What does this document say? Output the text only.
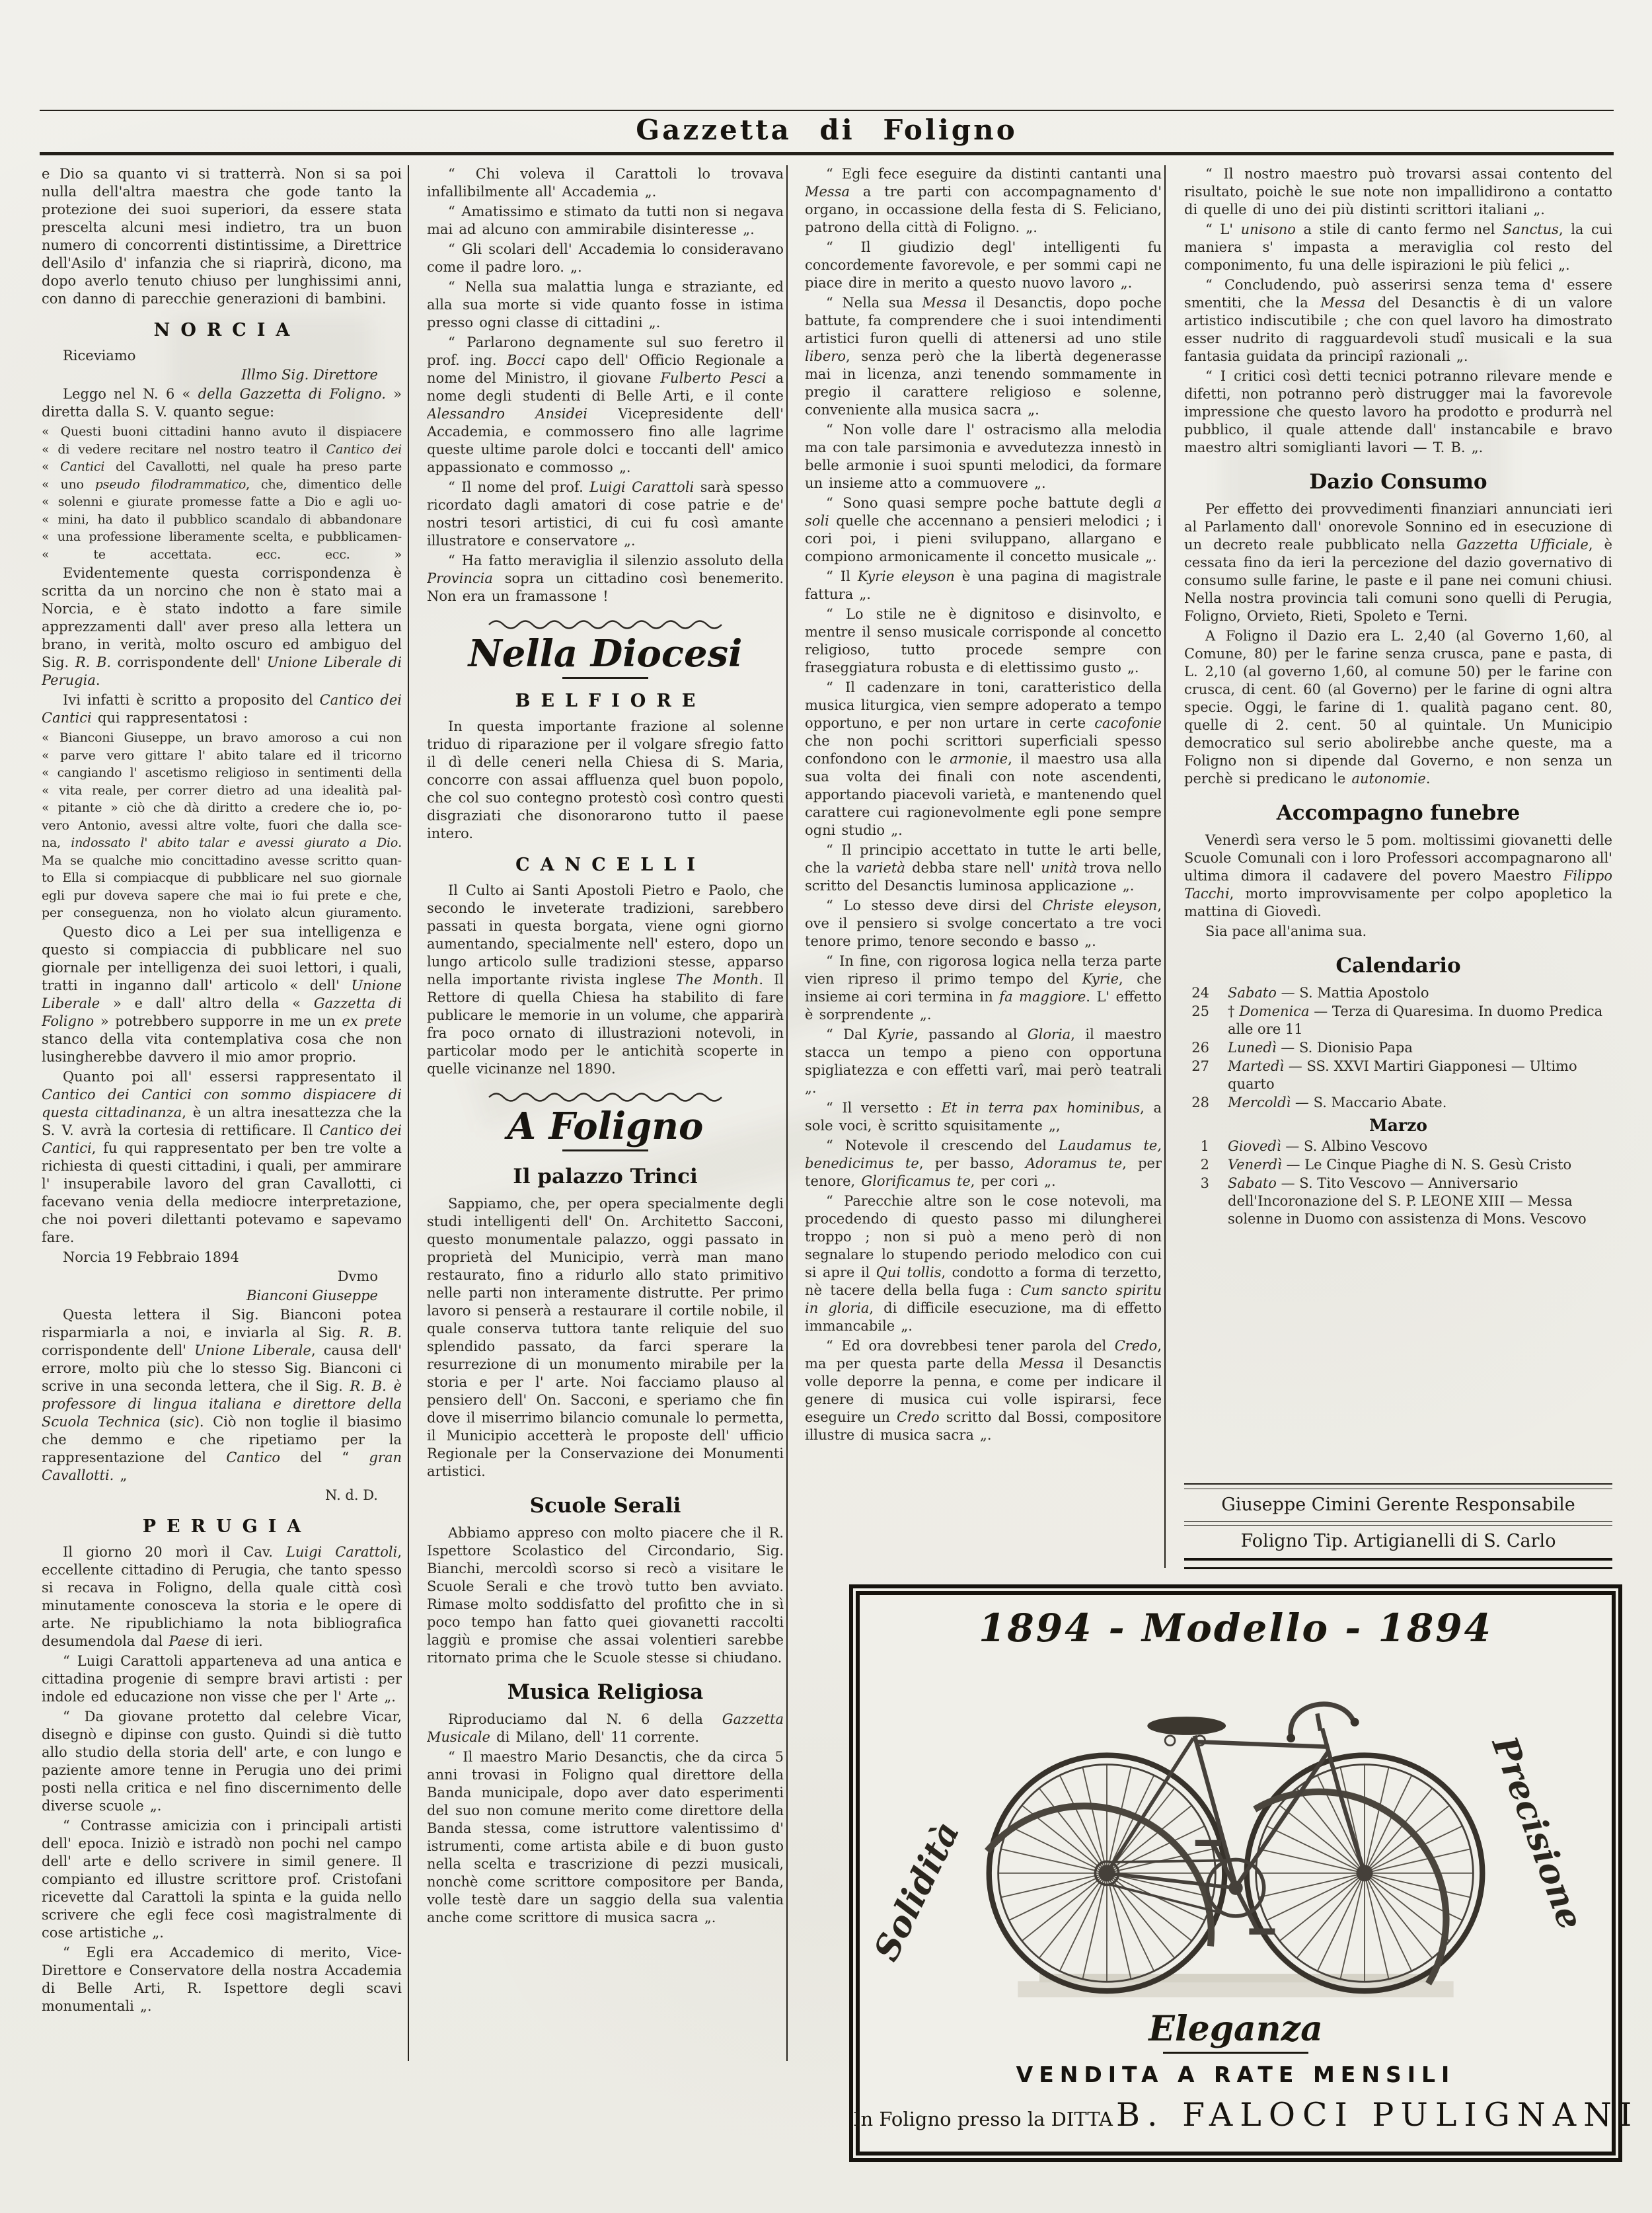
Gazzetta di Foligno
e Dio sa quanto vi si tratterrà. Non si sa poi nulla dell'altra maestra che gode tanto la protezione dei suoi superiori, da essere stata prescelta alcuni mesi indietro, tra un buon numero di concorrenti distintissime, a Direttrice dell'Asilo d' infanzia che si riaprirà, dicono, ma dopo averlo tenuto chiuso per lunghissimi anni, con danno di parecchie generazioni di bambini.
NORCIA
Riceviamo
Illmo Sig. Direttore
Leggo nel N. 6 « della Gazzetta di Foligno. » diretta dalla S. V. quanto segue:
« Questi buoni cittadini hanno avuto il dispiacere
« di vedere recitare nel nostro teatro il Cantico dei
« Cantici del Cavallotti, nel quale ha preso parte
« uno pseudo filodrammatico, che, dimentico delle
« solenni e giurate promesse fatte a Dio e agli uo-
« mini, ha dato il pubblico scandalo di abbandonare
« una professione liberamente scelta, e pubblicamen-
« te accettata. ecc. ecc. »
Evidentemente questa corrispondenza è scritta da un norcino che non è stato mai a Norcia, e è stato indotto a fare simile apprezzamenti dall' aver preso alla lettera un brano, in verità, molto oscuro ed ambiguo del Sig. R. B. corrispondente dell' Unione Liberale di Perugia.
Ivi infatti è scritto a proposito del Cantico dei Cantici qui rappresentatosi :
« Bianconi Giuseppe, un bravo amoroso a cui non
« parve vero gittare l' abito talare ed il tricorno
« cangiando l' ascetismo religioso in sentimenti della
« vita reale, per correr dietro ad una idealità pal-
« pitante » ciò che dà diritto a credere che io, po-
vero Antonio, avessi altre volte, fuori che dalla sce-
na, indossato l' abito talar e avessi giurato a Dio.
Ma se qualche mio concittadino avesse scritto quan-
to Ella si compiacque di pubblicare nel suo giornale
egli pur doveva sapere che mai io fui prete e che,
per conseguenza, non ho violato alcun giuramento.
Questo dico a Lei per sua intelligenza e questo si compiaccia di pubblicare nel suo giornale per intelligenza dei suoi lettori, i quali, tratti in inganno dall' articolo « dell' Unione Liberale » e dall' altro della « Gazzetta di Foligno » potrebbero supporre in me un ex prete stanco della vita contemplativa cosa che non lusingherebbe davvero il mio amor proprio.
Quanto poi all' essersi rappresentato il Cantico dei Cantici con sommo dispiacere di questa cittadinanza, è un altra inesattezza che la S. V. avrà la cortesia di rettificare. Il Cantico dei Cantici, fu qui rappresentato per ben tre volte a richiesta di questi cittadini, i quali, per ammirare l' insuperabile lavoro del gran Cavallotti, ci facevano venia della mediocre interpretazione, che noi poveri dilettanti potevamo e sapevamo fare.
Norcia 19 Febbraio 1894
Dvmo
Bianconi Giuseppe
Questa lettera il Sig. Bianconi potea risparmiarla a noi, e inviarla al Sig. R. B. corrispondente dell' Unione Liberale, causa dell' errore, molto più che lo stesso Sig. Bianconi ci scrive in una seconda lettera, che il Sig. R. B. è professore di lingua italiana e direttore della Scuola Technica (sic). Ciò non toglie il biasimo che demmo e che ripetiamo per la rappresentazione del Cantico del “ gran Cavallotti. „
N. d. D.
PERUGIA
Il giorno 20 morì il Cav. Luigi Carattoli, eccellente cittadino di Perugia, che tanto spesso si recava in Foligno, della quale città così minutamente conosceva la storia e le opere di arte. Ne ripublichiamo la nota bibliografica desumendola dal Paese di ieri.
“ Luigi Carattoli apparteneva ad una antica e cittadina progenie di sempre bravi artisti : per indole ed educazione non visse che per l' Arte „.
“ Da giovane protetto dal celebre Vicar, disegnò e dipinse con gusto. Quindi si diè tutto allo studio della storia dell' arte, e con lungo e paziente amore tenne in Perugia uno dei primi posti nella critica e nel fino discernimento delle diverse scuole „.
“ Contrasse amicizia con i principali artisti dell' epoca. Iniziò e istradò non pochi nel campo dell' arte e dello scrivere in simil genere. Il compianto ed illustre scrittore prof. Cristofani ricevette dal Carattoli la spinta e la guida nello scrivere che egli fece così magistralmente di cose artistiche „.
“ Egli era Accademico di merito, Vice-Direttore e Conservatore della nostra Accademia di Belle Arti, R. Ispettore degli scavi monumentali „.
“ Chi voleva il Carattoli lo trovava infallibilmente all' Accademia „.
“ Amatissimo e stimato da tutti non si negava mai ad alcuno con ammirabile disinteresse „.
“ Gli scolari dell' Accademia lo consideravano come il padre loro. „.
“ Nella sua malattia lunga e straziante, ed alla sua morte si vide quanto fosse in istima presso ogni classe di cittadini „.
“ Parlarono degnamente sul suo feretro il prof. ing. Bocci capo dell' Officio Regionale a nome del Ministro, il giovane Fulberto Pesci a nome degli studenti di Belle Arti, e il conte Alessandro Ansidei Vicepresidente dell' Accademia, e commossero fino alle lagrime queste ultime parole dolci e toccanti dell' amico appassionato e commosso „.
“ Il nome del prof. Luigi Carattoli sarà spesso ricordato dagli amatori di cose patrie e de' nostri tesori artistici, di cui fu così amante illustratore e conservatore „.
“ Ha fatto meraviglia il silenzio assoluto della Provincia sopra un cittadino così benemerito. Non era un framassone !
Nella Diocesi
BELFIORE
In questa importante frazione al solenne triduo di riparazione per il volgare sfregio fatto il dì delle ceneri nella Chiesa di S. Maria, concorre con assai affluenza quel buon popolo, che col suo contegno protestò così contro questi disgraziati che disonorarono tutto il paese intero.
CANCELLI
Il Culto ai Santi Apostoli Pietro e Paolo, che secondo le inveterate tradizioni, sarebbero passati in questa borgata, viene ogni giorno aumentando, specialmente nell' estero, dopo un lungo articolo sulle tradizioni stesse, apparso nella importante rivista inglese The Month. Il Rettore di quella Chiesa ha stabilito di fare publicare le memorie in un volume, che apparirà fra poco ornato di illustrazioni notevoli, in particolar modo per le antichità scoperte in quelle vicinanze nel 1890.
A Foligno
Il palazzo Trinci
Sappiamo, che, per opera specialmente degli studi intelligenti dell' On. Architetto Sacconi, questo monumentale palazzo, oggi passato in proprietà del Municipio, verrà man mano restaurato, fino a ridurlo allo stato primitivo nelle parti non interamente distrutte. Per primo lavoro si penserà a restaurare il cortile nobile, il quale conserva tuttora tante reliquie del suo splendido passato, da farci sperare la resurrezione di un monumento mirabile per la storia e per l' arte. Noi facciamo plauso al pensiero dell' On. Sacconi, e speriamo che fin dove il miserrimo bilancio comunale lo permetta, il Municipio accetterà le proposte dell' ufficio Regionale per la Conservazione dei Monumenti artistici.
Scuole Serali
Abbiamo appreso con molto piacere che il R. Ispettore Scolastico del Circondario, Sig. Bianchi, mercoldì scorso si recò a visitare le Scuole Serali e che trovò tutto ben avviato. Rimase molto soddisfatto del profitto che in sì poco tempo han fatto quei giovanetti raccolti laggiù e promise che assai volentieri sarebbe ritornato prima che le Scuole stesse si chiudano.
Musica Religiosa
Riproduciamo dal N. 6 della Gazzetta Musicale di Milano, dell' 11 corrente.
“ Il maestro Mario Desanctis, che da circa 5 anni trovasi in Foligno qual direttore della Banda municipale, dopo aver dato esperimenti del suo non comune merito come direttore della Banda stessa, come istruttore valentissimo d' istrumenti, come artista abile e di buon gusto nella scelta e trascrizione di pezzi musicali, nonchè come scrittore compositore per Banda, volle testè dare un saggio della sua valentia anche come scrittore di musica sacra „.
“ Egli fece eseguire da distinti cantanti una Messa a tre parti con accompagnamento d' organo, in occassione della festa di S. Feliciano, patrono della città di Foligno. „.
“ Il giudizio degl' intelligenti fu concordemente favorevole, e per sommi capi ne piace dire in merito a questo nuovo lavoro „.
“ Nella sua Messa il Desanctis, dopo poche battute, fa comprendere che i suoi intendimenti artistici furon quelli di attenersi ad uno stile libero, senza però che la libertà degenerasse mai in licenza, anzi tenendo sommamente in pregio il carattere religioso e solenne, conveniente alla musica sacra „.
“ Non volle dare l' ostracismo alla melodia ma con tale parsimonia e avvedutezza innestò in belle armonie i suoi spunti melodici, da formare un insieme atto a commuovere „.
“ Sono quasi sempre poche battute degli a soli quelle che accennano a pensieri melodici ; i cori poi, i pieni sviluppano, allargano e compiono armonicamente il concetto musicale „.
“ Il Kyrie eleyson è una pagina di magistrale fattura „.
“ Lo stile ne è dignitoso e disinvolto, e mentre il senso musicale corrisponde al concetto religioso, tutto procede sempre con fraseggiatura robusta e di elettissimo gusto „.
“ Il cadenzare in toni, caratteristico della musica liturgica, vien sempre adoperato a tempo opportuno, e per non urtare in certe cacofonie che non pochi scrittori superficiali spesso confondono con le armonie, il maestro usa alla sua volta dei finali con note ascendenti, apportando piacevoli varietà, e mantenendo quel carattere cui ragionevolmente egli pone sempre ogni studio „.
“ Il principio accettato in tutte le arti belle, che la varietà debba stare nell' unità trova nello scritto del Desanctis luminosa applicazione „.
“ Lo stesso deve dirsi del Christe eleyson, ove il pensiero si svolge concertato a tre voci tenore primo, tenore secondo e basso „.
“ In fine, con rigorosa logica nella terza parte vien ripreso il primo tempo del Kyrie, che insieme ai cori termina in fa maggiore. L' effetto è sorprendente „.
“ Dal Kyrie, passando al Gloria, il maestro stacca un tempo a pieno con opportuna spigliatezza e con effetti varî, mai però teatrali „.
“ Il versetto : Et in terra pax hominibus, a sole voci, è scritto squisitamente „,
“ Notevole il crescendo del Laudamus te, benedicimus te, per basso, Adoramus te, per tenore, Glorificamus te, per cori „.
“ Parecchie altre son le cose notevoli, ma procedendo di questo passo mi dilungherei troppo ; non si può a meno però di non segnalare lo stupendo periodo melodico con cui si apre il Qui tollis, condotto a forma di terzetto, nè tacere della bella fuga : Cum sancto spiritu in gloria, di difficile esecuzione, ma di effetto immancabile „.
“ Ed ora dovrebbesi tener parola del Credo, ma per questa parte della Messa il Desanctis volle deporre la penna, e come per indicare il genere di musica cui volle ispirarsi, fece eseguire un Credo scritto dal Bossi, compositore illustre di musica sacra „.
“ Il nostro maestro può trovarsi assai contento del risultato, poichè le sue note non impallidirono a contatto di quelle di uno dei più distinti scrittori italiani „.
“ L' unisono a stile di canto fermo nel Sanctus, la cui maniera s' impasta a meraviglia col resto del componimento, fu una delle ispirazioni le più felici „.
“ Concludendo, può asserirsi senza tema d' essere smentiti, che la Messa del Desanctis è di un valore artistico indiscutibile ; che con quel lavoro ha dimostrato esser nudrito di ragguardevoli studî musicali e la sua fantasia guidata da principî razionali „.
“ I critici così detti tecnici potranno rilevare mende e difetti, non potranno però distrugger mai la favorevole impressione che questo lavoro ha prodotto e produrrà nel pubblico, il quale attende dall' instancabile e bravo maestro altri somiglianti lavori — T. B. „.
Dazio Consumo
Per effetto dei provvedimenti finanziari annunciati ieri al Parlamento dall' onorevole Sonnino ed in esecuzione di un decreto reale pubblicato nella Gazzetta Ufficiale, è cessata fino da ieri la percezione del dazio governativo di consumo sulle farine, le paste e il pane nei comuni chiusi. Nella nostra provincia tali comuni sono quelli di Perugia, Foligno, Orvieto, Rieti, Spoleto e Terni.
A Foligno il Dazio era L. 2,40 (al Governo 1,60, al Comune, 80) per le farine senza crusca, pane e pasta, di L. 2,10 (al governo 1,60, al comune 50) per le farine con crusca, di cent. 60 (al Governo) per le farine di ogni altra specie. Oggi, le farine di 1. qualità pagano cent. 80, quelle di 2. cent. 50 al quintale. Un Municipio democratico sul serio abolirebbe anche queste, ma a Foligno non si dipende dal Governo, e non senza un perchè si predicano le autonomie.
Accompagno funebre
Venerdì sera verso le 5 pom. moltissimi giovanetti delle Scuole Comunali con i loro Professori accompagnarono all' ultima dimora il cadavere del povero Maestro Filippo Tacchi, morto improvvisamente per colpo apopletico la mattina di Giovedì.
Sia pace all'anima sua.
Calendario
24	Sabato — S. Mattia Apostolo
25	† Domenica — Terza di Quaresima. In duomo Predica alle ore 11
26	Lunedì — S. Dionisio Papa
27	Martedì — SS. XXVI Martiri Giapponesi — Ultimo quarto
28	Mercoldì — S. Maccario Abate.
Marzo
1	Giovedì — S. Albino Vescovo
2	Venerdì — Le Cinque Piaghe di N. S. Gesù Cristo
3	Sabato — S. Tito Vescovo — Anniversario dell'Incoronazione del S. P. LEONE XIII — Messa solenne in Duomo con assistenza di Mons. Vescovo
Giuseppe Cimini Gerente Responsabile
Foligno Tip. Artigianelli di S. Carlo
1894 - Modello - 1894
Solidità	Precisione
Eleganza
VENDITA A RATE MENSILI
In Foligno presso la DITTA B. FALOCI PULIGNANI
